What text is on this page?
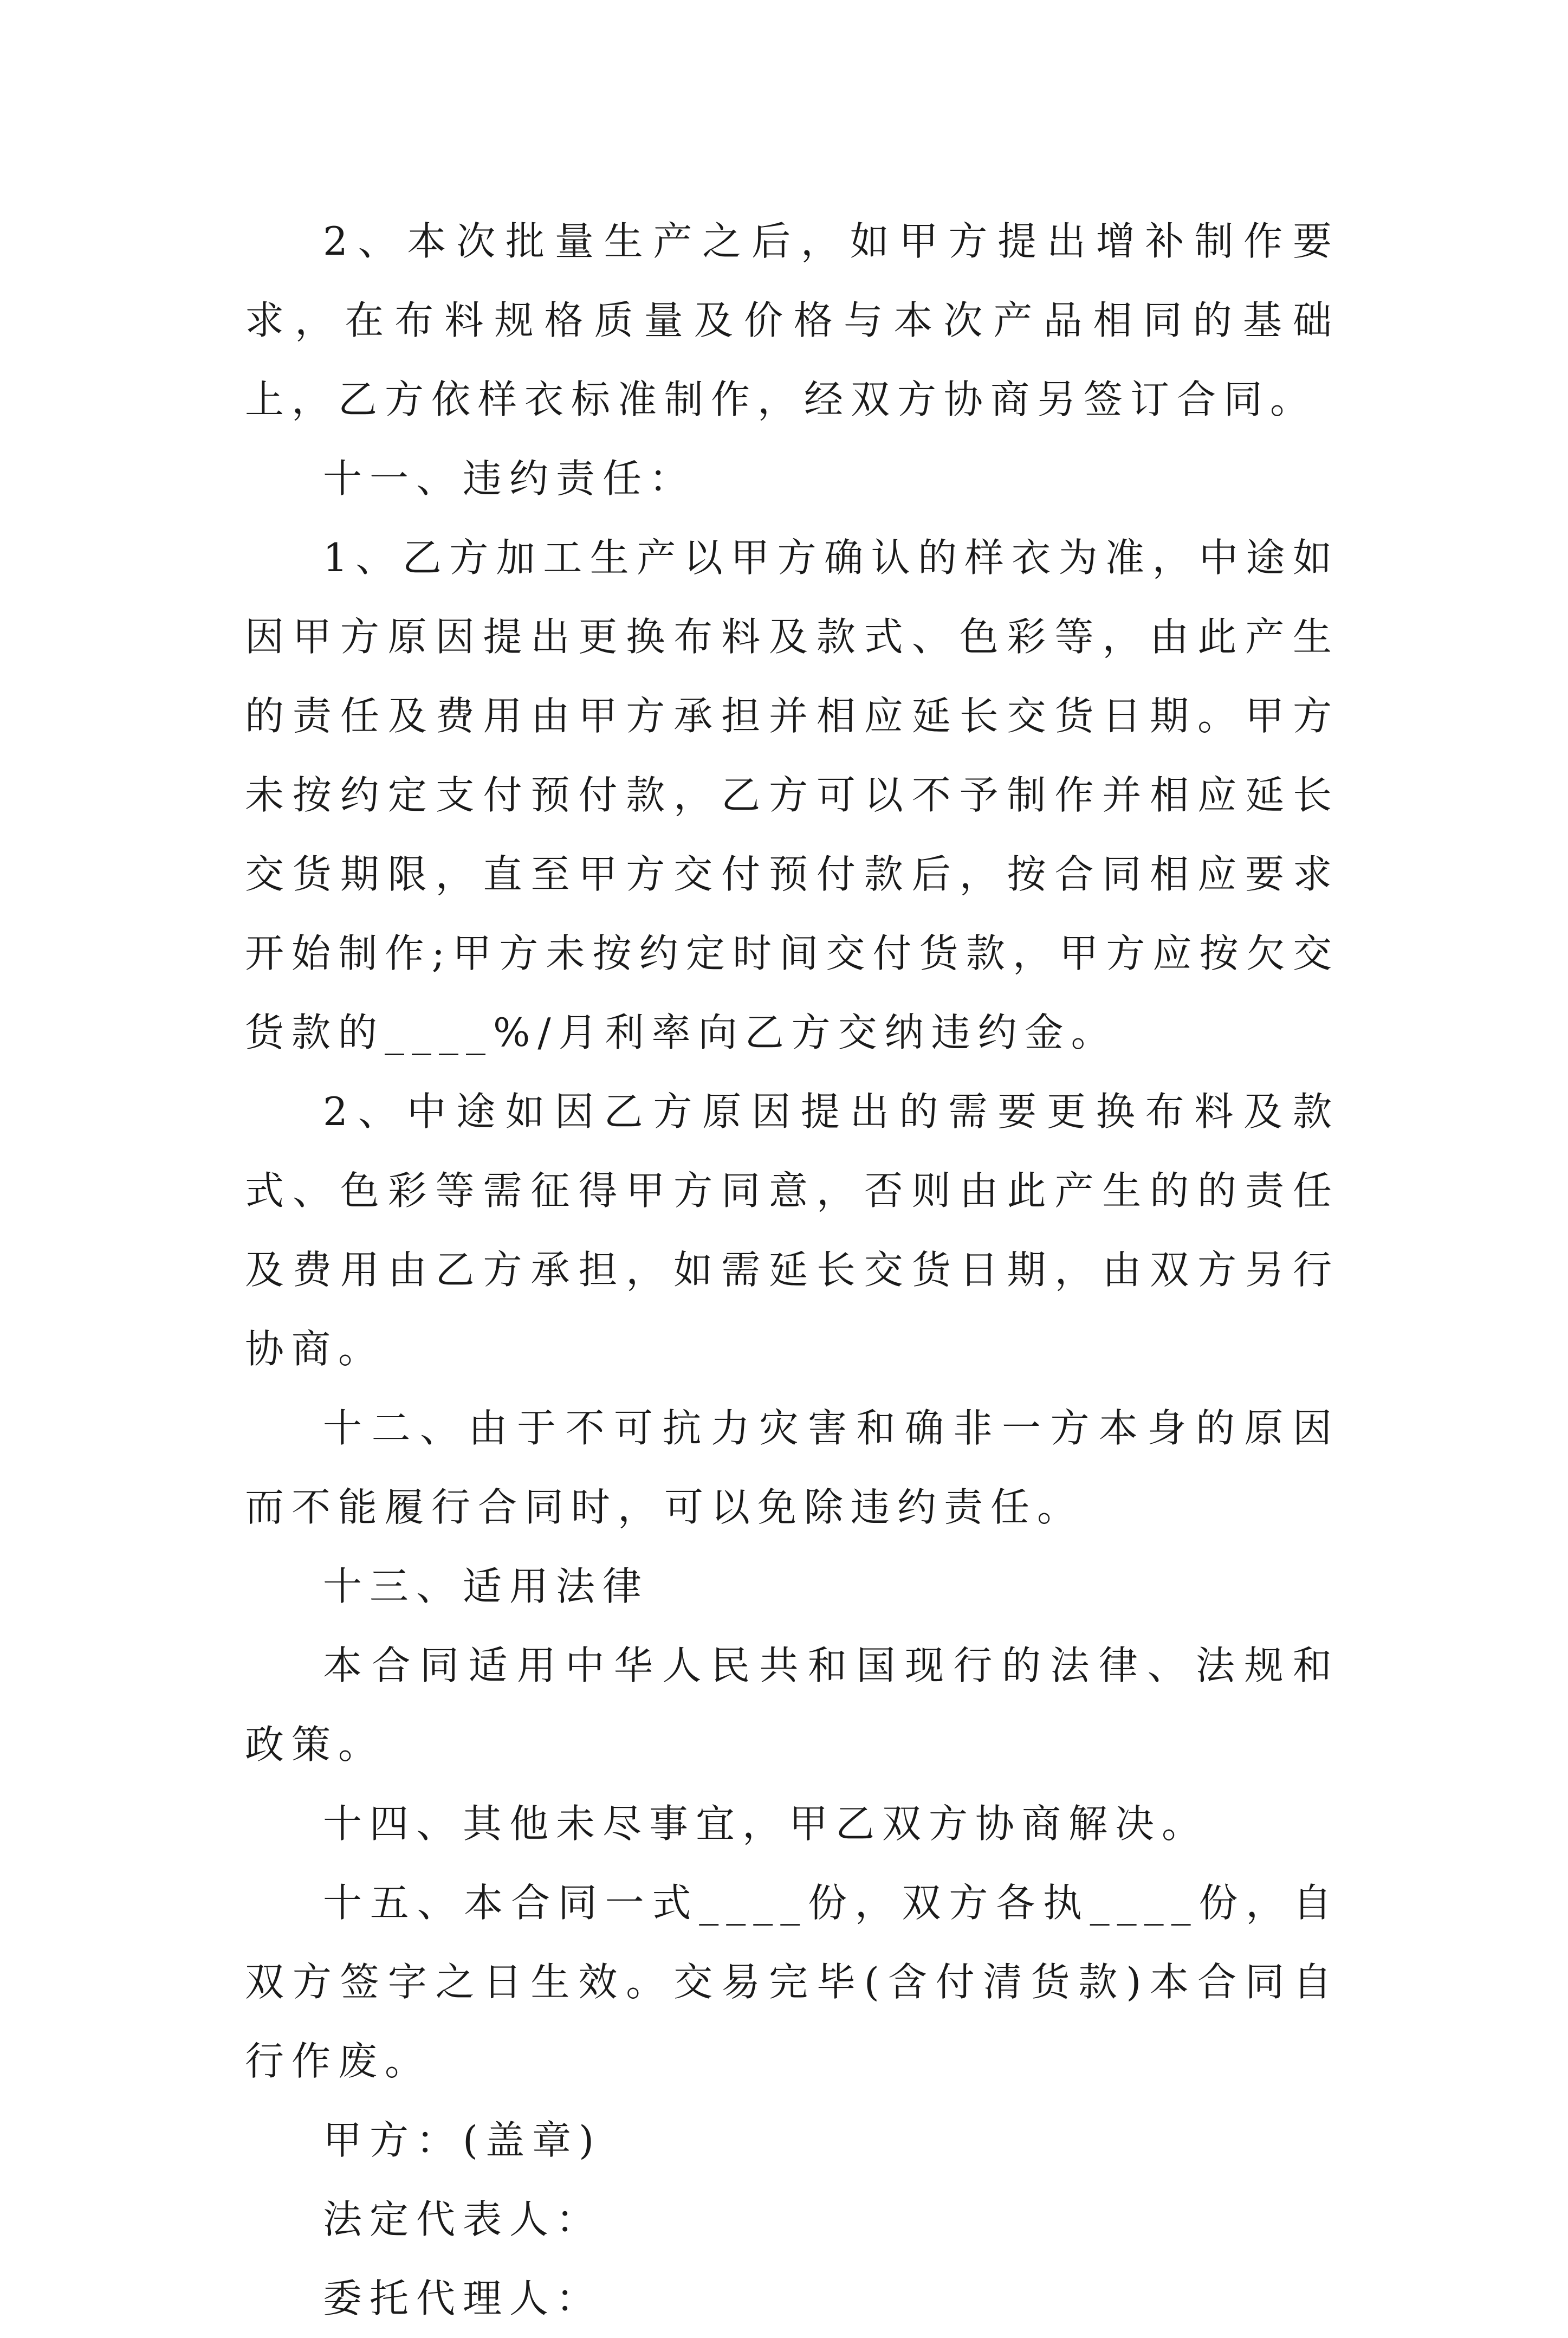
2、本次批量生产之后，如甲方提出增补制作要求，在布料规格质量及价格与本次产品相同的基础上，乙方依样衣标准制作，经双方协商另签订合同。

十一、违约责任：

1、乙方加工生产以甲方确认的样衣为准，中途如因甲方原因提出更换布料及款式、色彩等，由此产生的责任及费用由甲方承担并相应延长交货日期。甲方未按约定支付预付款，乙方可以不予制作并相应延长交货期限，直至甲方交付预付款后，按合同相应要求开始制作;甲方未按约定时间交付货款，甲方应按欠交货款的____%/月利率向乙方交纳违约金。

2、中途如因乙方原因提出的需要更换布料及款式、色彩等需征得甲方同意，否则由此产生的的责任及费用由乙方承担，如需延长交货日期，由双方另行协商。

十二、由于不可抗力灾害和确非一方本身的原因而不能履行合同时，可以免除违约责任。

十三、适用法律

本合同适用中华人民共和国现行的法律、法规和政策。

十四、其他未尽事宜，甲乙双方协商解决。

十五、本合同一式____份，双方各执____份，自双方签字之日生效。交易完毕(含付清货款)本合同自行作废。

甲方：(盖章)

法定代表人：

委托代理人：
